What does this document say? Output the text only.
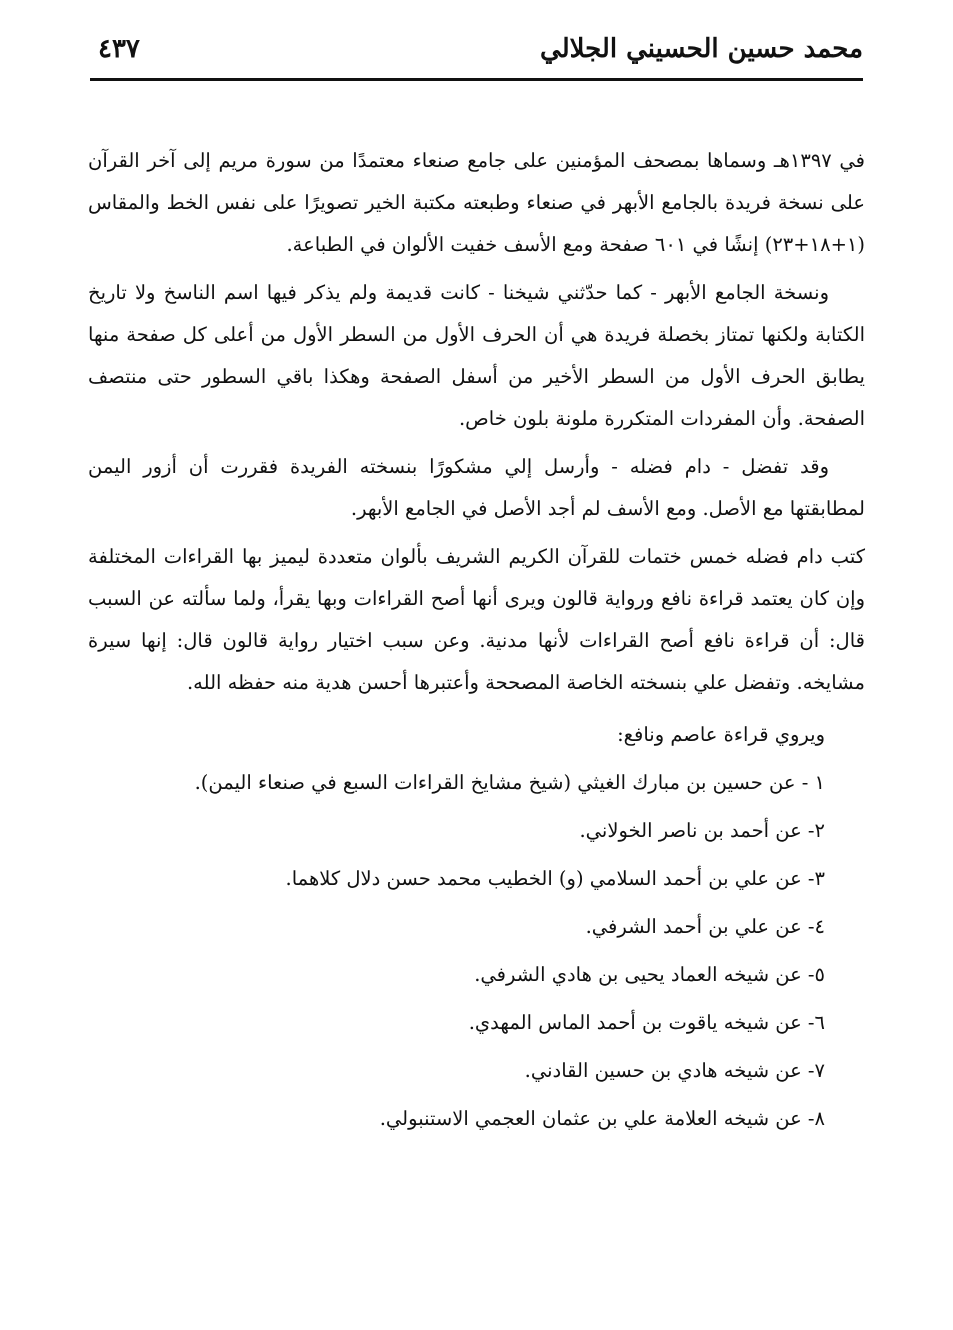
محمد حسين الحسيني الجلالي
٤٣٧

في ١٣٩٧هـ وسماها بمصحف المؤمنين على جامع صنعاء معتمدًا من سورة مريم إلى آخر القرآن على نسخة فريدة بالجامع الأبهر في صنعاء وطبعته مكتبة الخير تصويرًا على نفس الخط والمقاس (١+١٨+٢٣) إنشًا في ٦٠١ صفحة ومع الأسف خفيت الألوان في الطباعة.

ونسخة الجامع الأبهر - كما حدّثني شيخنا - كانت قديمة ولم يذكر فيها اسم الناسخ ولا تاريخ الكتابة ولكنها تمتاز بخصلة فريدة هي أن الحرف الأول من السطر الأول من أعلى كل صفحة منها يطابق الحرف الأول من السطر الأخير من أسفل الصفحة وهكذا باقي السطور حتى منتصف الصفحة. وأن المفردات المتكررة ملونة بلون خاص.

وقد تفضل - دام فضله - وأرسل إلي مشكورًا بنسخته الفريدة فقررت أن أزور اليمن لمطابقتها مع الأصل. ومع الأسف لم أجد الأصل في الجامع الأبهر.

كتب دام فضله خمس ختمات للقرآن الكريم الشريف بألوان متعددة ليميز بها القراءات المختلفة وإن كان يعتمد قراءة نافع ورواية قالون ويرى أنها أصح القراءات وبها يقرأ، ولما سألته عن السبب قال: أن قراءة نافع أصح القراءات لأنها مدنية. وعن سبب اختيار رواية قالون قال: إنها سيرة مشايخه. وتفضل علي بنسخته الخاصة المصححة وأعتبرها أحسن هدية منه حفظه الله.

ويروي قراءة عاصم ونافع:

١ - عن حسين بن مبارك الغيثي (شيخ مشايخ القراءات السبع في صنعاء اليمن).
٢- عن أحمد بن ناصر الخولاني.
٣- عن علي بن أحمد السلامي (و) الخطيب محمد حسن دلال كلاهما.
٤- عن علي بن أحمد الشرفي.
٥- عن شيخه العماد يحيى بن هادي الشرفي.
٦- عن شيخه ياقوت بن أحمد الماس المهدي.
٧- عن شيخه هادي بن حسين القادني.
٨- عن شيخه العلامة علي بن عثمان العجمي الاستنبولي.
